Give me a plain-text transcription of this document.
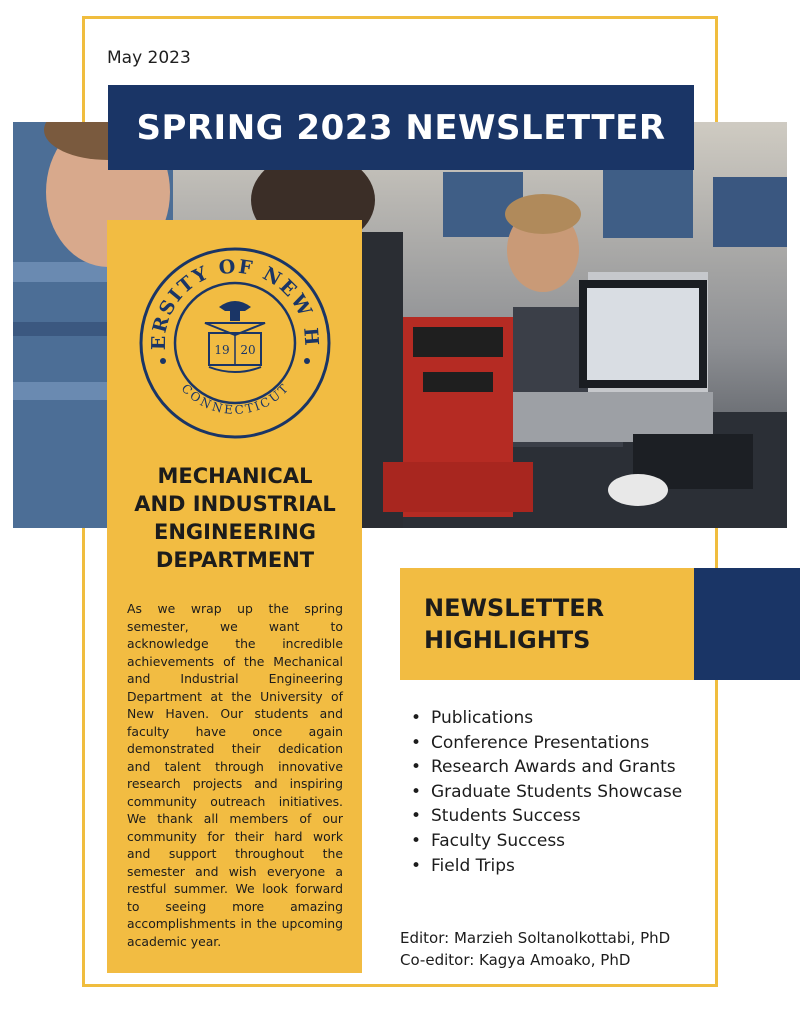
May 2023
SPRING 2023 NEWSLETTER
ERSITY OF NEW H
CONNECTICUT
19 20
MECHANICAL
AND INDUSTRIAL
ENGINEERING
DEPARTMENT
As we wrap up the spring semester, we want to acknowledge the incredible achievements of the Mechanical and Industrial Engineering Department at the University of New Haven. Our students and faculty have once again demonstrated their dedication and talent through innovative research projects and inspiring community outreach initiatives. We thank all members of our community for their hard work and support throughout the semester and wish everyone a restful summer. We look forward to seeing more amazing accomplishments in the upcoming academic year.
NEWSLETTER
HIGHLIGHTS
• Publications
• Conference Presentations
• Research Awards and Grants
• Graduate Students Showcase
• Students Success
• Faculty Success
• Field Trips
Editor: Marzieh Soltanolkottabi, PhD
Co-editor: Kagya Amoako, PhD
